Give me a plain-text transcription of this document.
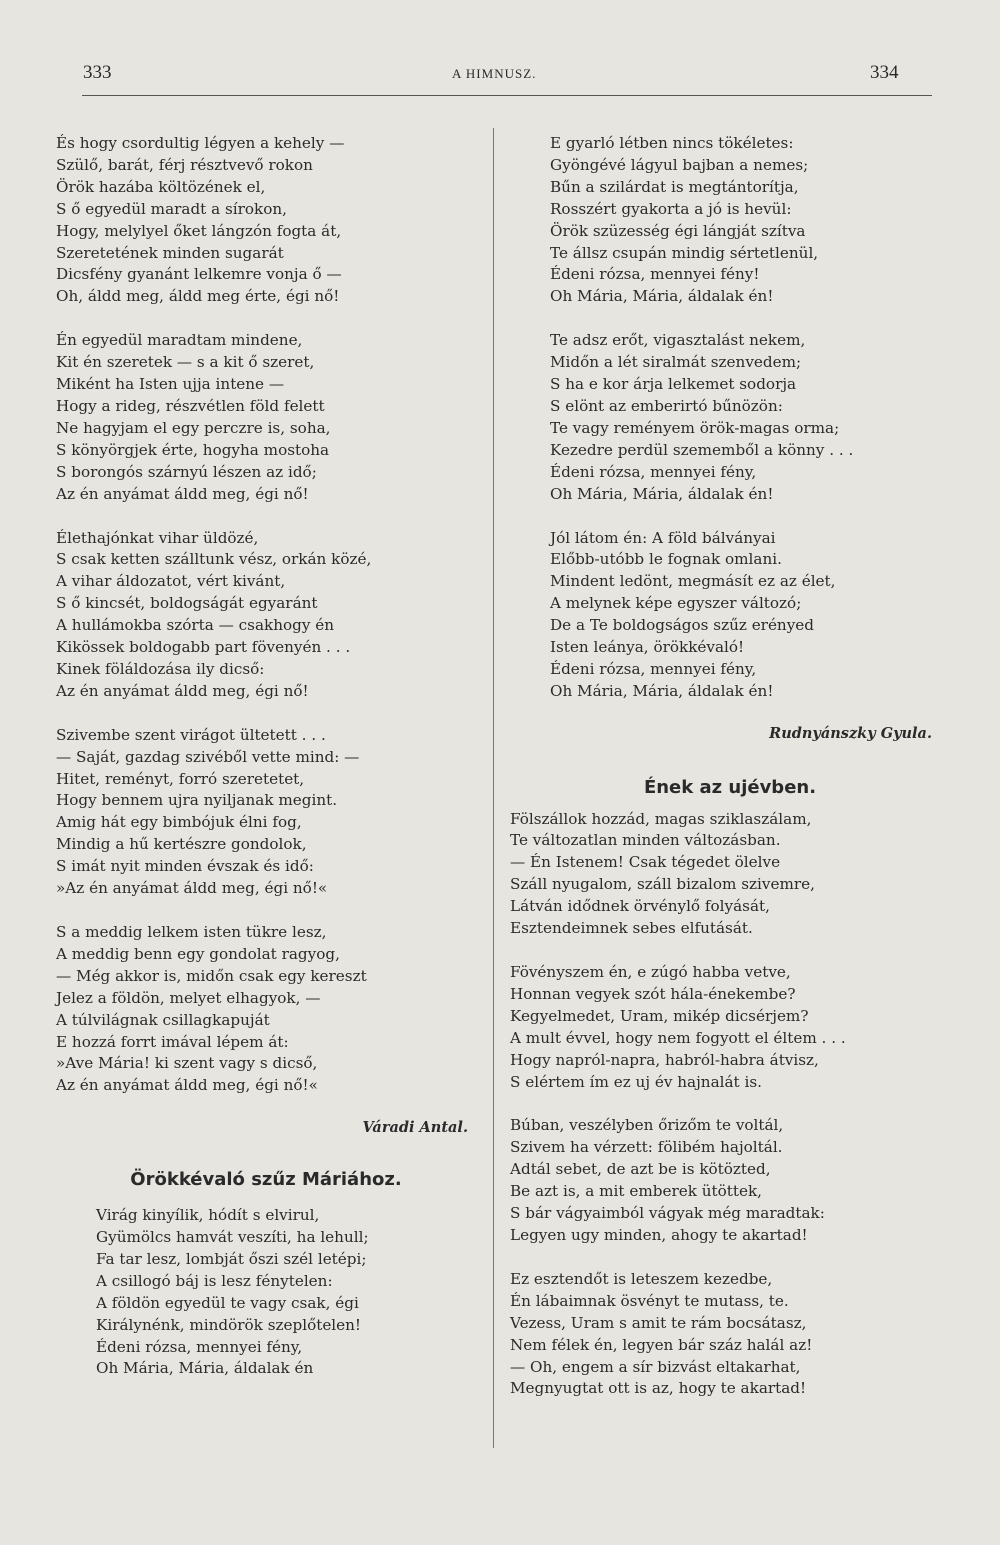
333	A HIMNUSZ.	334
És hogy csordultig légyen a kehely —
Szülő, barát, férj résztvevő rokon
Örök hazába költözének el,
S ő egyedül maradt a sírokon,
Hogy, melylyel őket lángzón fogta át,
Szeretetének minden sugarát
Dicsfény gyanánt lelkemre vonja ő —
Oh, áldd meg, áldd meg érte, égi nő!
Én egyedül maradtam mindene,
Kit én szeretek — s a kit ő szeret,
Miként ha Isten ujja intene —
Hogy a rideg, részvétlen föld felett
Ne hagyjam el egy perczre is, soha,
S könyörgjek érte, hogyha mostoha
S borongós szárnyú lészen az idő;
Az én anyámat áldd meg, égi nő!
Élethajónkat vihar üldözé,
S csak ketten szálltunk vész, orkán közé,
A vihar áldozatot, vért kivánt,
S ő kincsét, boldogságát egyaránt
A hullámokba szórta — csakhogy én
Kikössek boldogabb part fövenyén . . .
Kinek föláldozása ily dicső:
Az én anyámat áldd meg, égi nő!
Szivembe szent virágot ültetett . . .
— Saját, gazdag szivéből vette mind: —
Hitet, reményt, forró szeretetet,
Hogy bennem ujra nyiljanak megint.
Amig hát egy bimbójuk élni fog,
Mindig a hű kertészre gondolok,
S imát nyit minden évszak és idő:
»Az én anyámat áldd meg, égi nő!«
S a meddig lelkem isten tükre lesz,
A meddig benn egy gondolat ragyog,
— Még akkor is, midőn csak egy kereszt
Jelez a földön, melyet elhagyok, —
A túlvilágnak csillagkapuját
E hozzá forrt imával lépem át:
»Ave Mária! ki szent vagy s dicső,
Az én anyámat áldd meg, égi nő!«
Váradi Antal.
Örökkévaló szűz Máriához.
Virág kinyílik, hódít s elvirul,
Gyümölcs hamvát veszíti, ha lehull;
Fa tar lesz, lombját őszi szél letépi;
A csillogó báj is lesz fénytelen:
A földön egyedül te vagy csak, égi
Királynénk, mindörök szeplőtelen!
Édeni rózsa, mennyei fény,
Oh Mária, Mária, áldalak én
E gyarló létben nincs tökéletes:
Gyöngévé lágyul bajban a nemes;
Bűn a szilárdat is megtántorítja,
Rosszért gyakorta a jó is hevül:
Örök szüzesség égi lángját szítva
Te állsz csupán mindig sértetlenül,
Édeni rózsa, mennyei fény!
Oh Mária, Mária, áldalak én!
Te adsz erőt, vigasztalást nekem,
Midőn a lét siralmát szenvedem;
S ha e kor árja lelkemet sodorja
S elönt az emberirtó bűnözön:
Te vagy reményem örök-magas orma;
Kezedre perdül szememből a könny . . .
Édeni rózsa, mennyei fény,
Oh Mária, Mária, áldalak én!
Jól látom én: A föld bálványai
Előbb-utóbb le fognak omlani.
Mindent ledönt, megmásít ez az élet,
A melynek képe egyszer változó;
De a Te boldogságos szűz erényed
Isten leánya, örökkévaló!
Édeni rózsa, mennyei fény,
Oh Mária, Mária, áldalak én!
Rudnyánszky Gyula.
Ének az ujévben.
Fölszállok hozzád, magas sziklaszálam,
Te változatlan minden változásban.
— Én Istenem! Csak tégedet ölelve
Száll nyugalom, száll bizalom szivemre,
Látván idődnek örvénylő folyását,
Esztendeimnek sebes elfutását.
Fövényszem én, e zúgó habba vetve,
Honnan vegyek szót hála-énekembe?
Kegyelmedet, Uram, mikép dicsérjem?
A mult évvel, hogy nem fogyott el éltem . . .
Hogy napról-napra, habról-habra átvisz,
S elértem ím ez uj év hajnalát is.
Búban, veszélyben őrizőm te voltál,
Szivem ha vérzett: fölibém hajoltál.
Adtál sebet, de azt be is kötözted,
Be azt is, a mit emberek ütöttek,
S bár vágyaimból vágyak még maradtak:
Legyen ugy minden, ahogy te akartad!
Ez esztendőt is leteszem kezedbe,
Én lábaimnak ösvényt te mutass, te.
Vezess, Uram s amit te rám bocsátasz,
Nem félek én, legyen bár száz halál az!
— Oh, engem a sír bizvást eltakarhat,
Megnyugtat ott is az, hogy te akartad!
